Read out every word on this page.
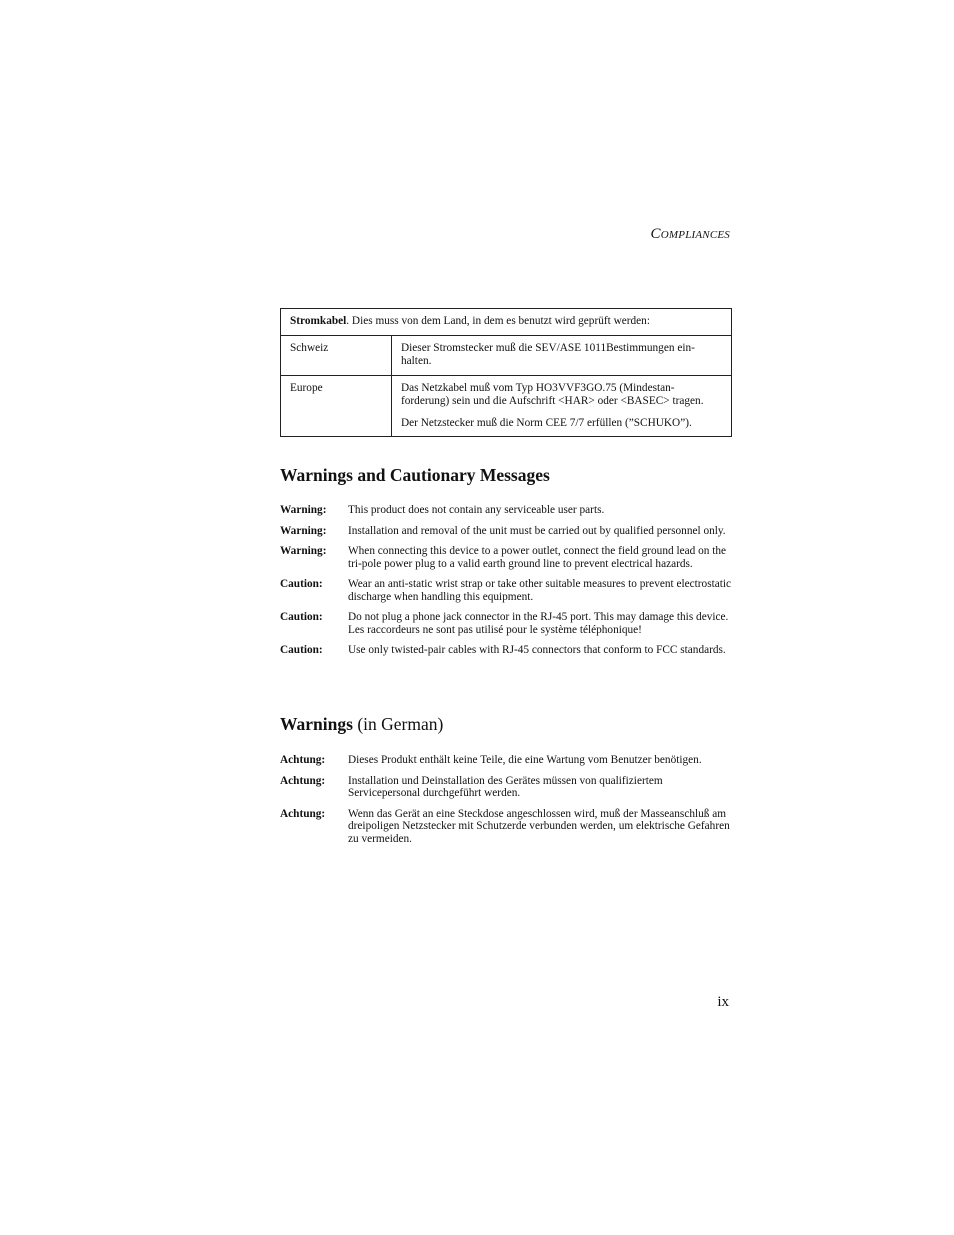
COMPLIANCES
Stromkabel. Dies muss von dem Land, in dem es benutzt wird geprüft werden:	
Schweiz	Dieser Stromstecker muß die SEV/ASE 1011Bestimmungen ein-halten.

Europe	Das Netzkabel muß vom Typ HO3VVF3GO.75 (Mindestan-forderung) sein und die Aufschrift <HAR> oder <BASEC> tragen.

Der Netzstecker muß die Norm CEE 7/7 erfüllen (”SCHUKO”).

Warnings and Cautionary Messages
Warning:	This product does not contain any serviceable user parts.
Warning:	Installation and removal of the unit must be carried out by qualified personnel only.
Warning:	When connecting this device to a power outlet, connect the field ground lead on the tri-pole power plug to a valid earth ground line to prevent electrical hazards.
Caution:	Wear an anti-static wrist strap or take other suitable measures to prevent electrostatic discharge when handling this equipment.
Caution:	Do not plug a phone jack connector in the RJ-45 port. This may damage this device. Les raccordeurs ne sont pas utilisé pour le système téléphonique!
Caution:	Use only twisted-pair cables with RJ-45 connectors that conform to FCC standards.
Warnings (in German)
Achtung:	Dieses Produkt enthält keine Teile, die eine Wartung vom Benutzer benötigen.
Achtung:	Installation und Deinstallation des Gerätes müssen von qualifiziertem Servicepersonal durchgeführt werden.
Achtung:	Wenn das Gerät an eine Steckdose angeschlossen wird, muß der Masseanschluß am dreipoligen Netzstecker mit Schutzerde verbunden werden, um elektrische Gefahren zu vermeiden.
ix
